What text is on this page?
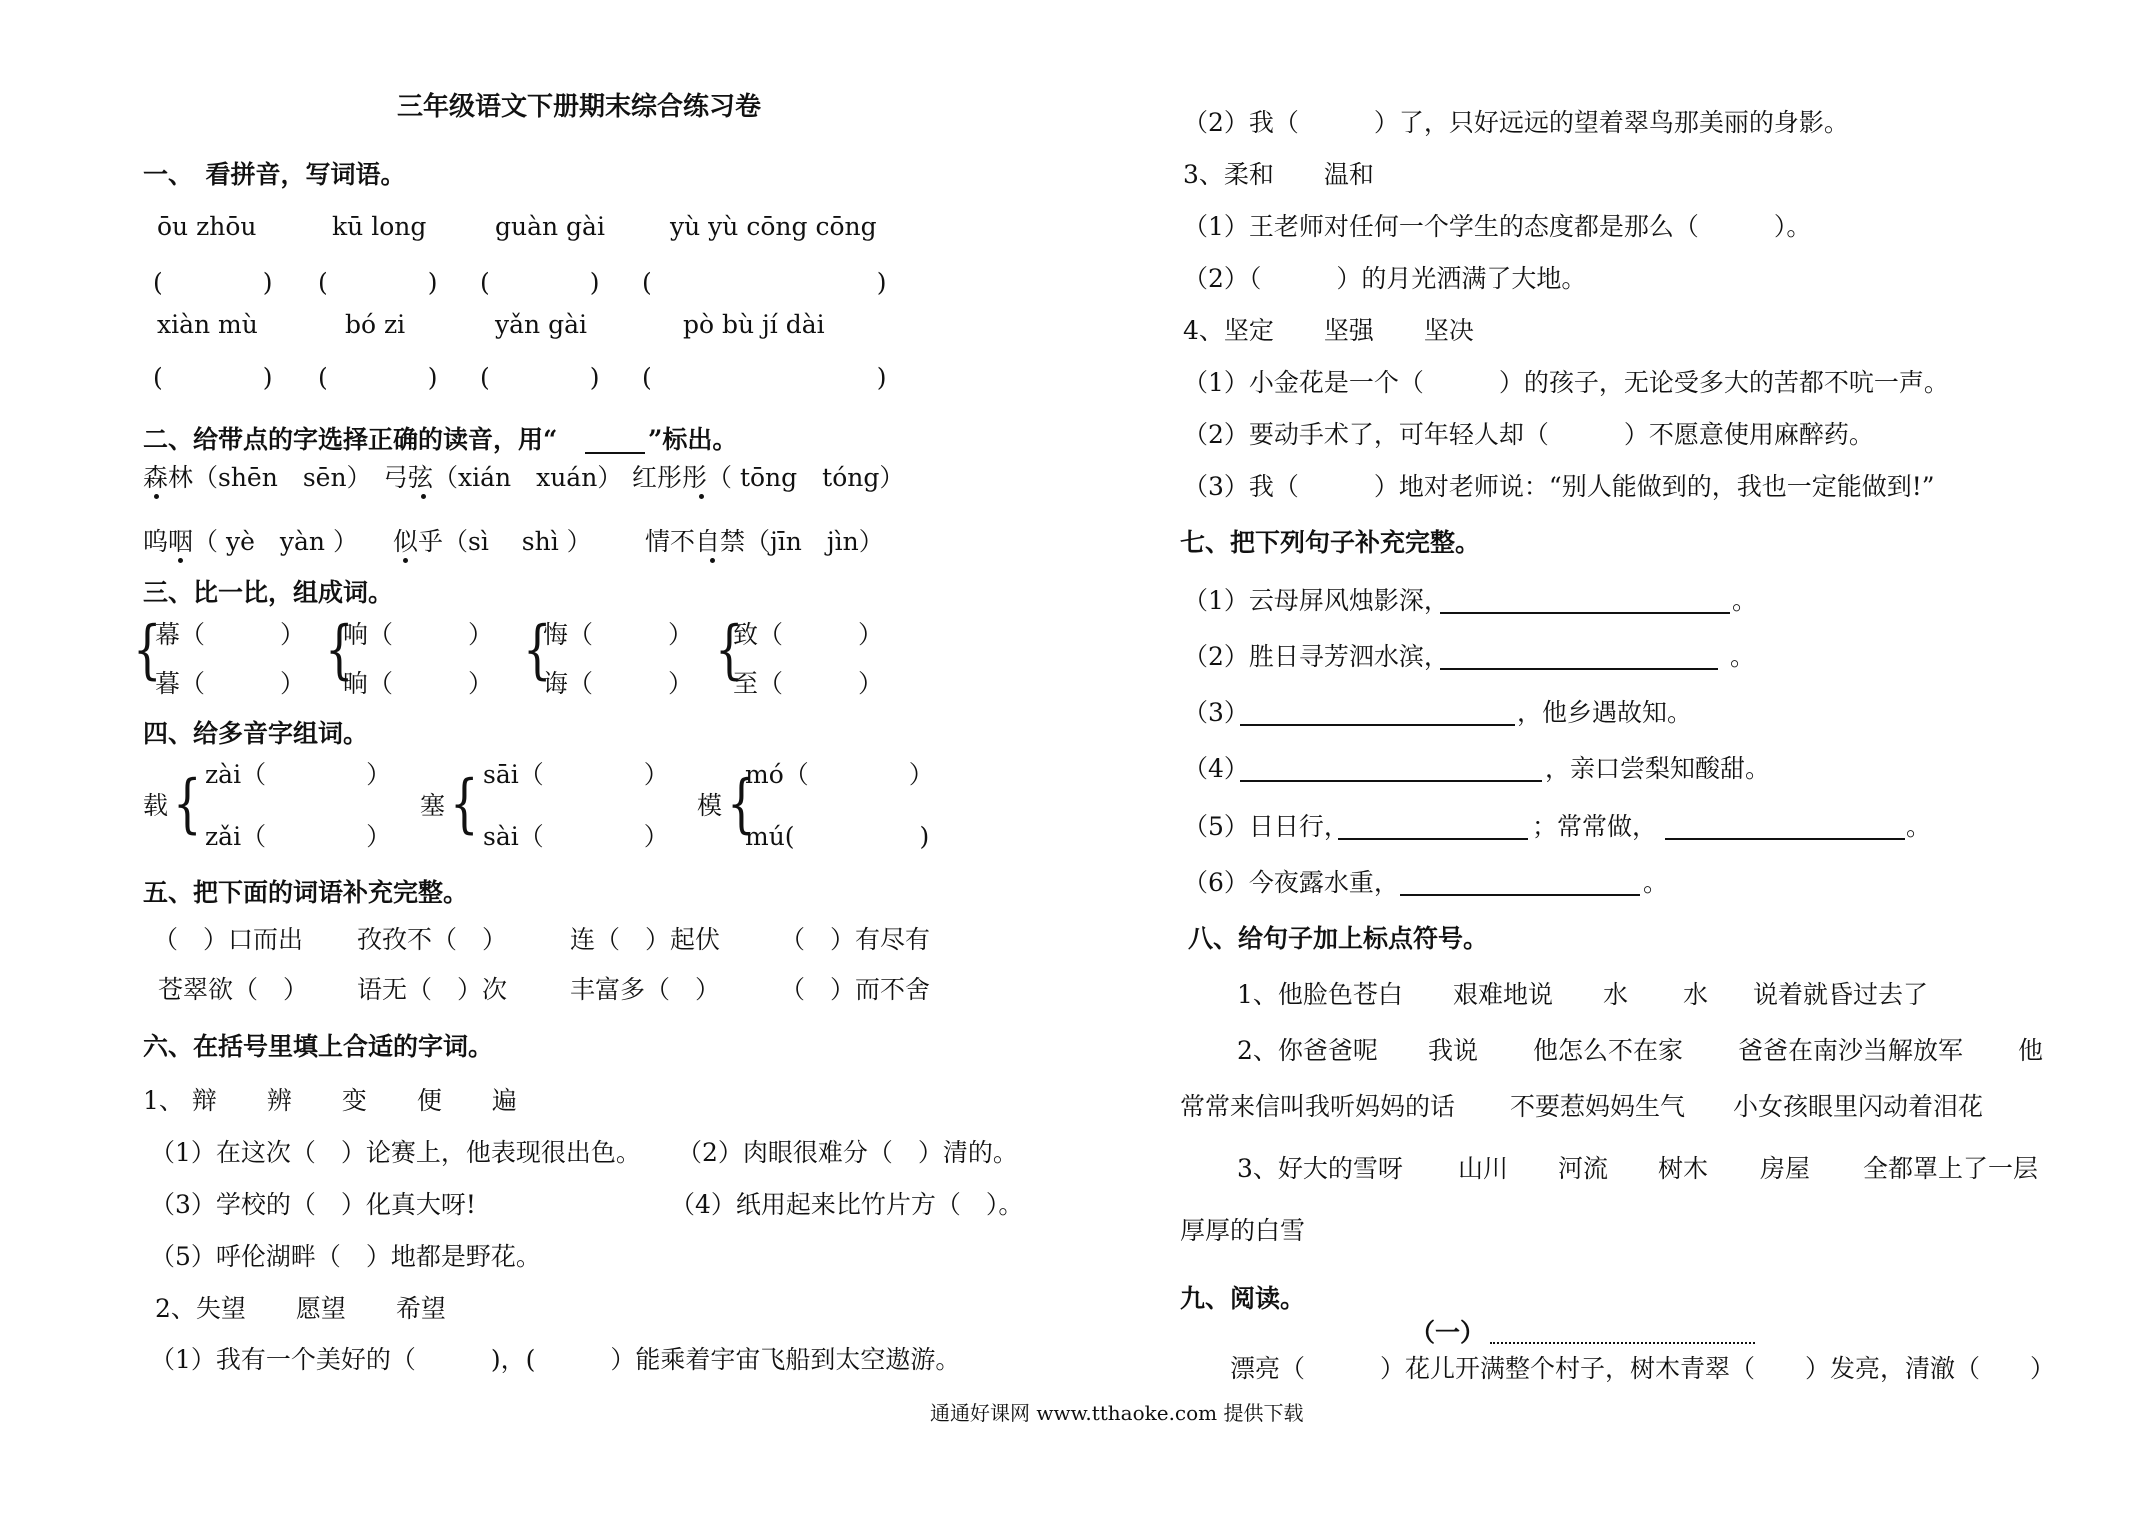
三年级语文下册期末综合练习卷
一、　看拼音，写词语。
ōu zhōu	kū long	guàn gài	yù yù cōng cōng
(　　　　) (　　　　) (　　　　) (　　　　　　　　　)
xiàn mù	bó zi	yǎn gài	pò bù jí dài
(　　　　) (　　　　) (　　　　) (　　　　　　　　　)
二、给带点的字选择正确的读音，用“	”标出。
森林（shēn　sēn） 弓弦（xián　xuán） 红彤彤（ tōng　tóng）
呜咽（ yè　yàn ） 似乎（sì　 shì ） 情不自禁（jīn　jìn）
三、比一比，组成词。
{	{	{	{
幕（　　　） 响（　　　） 悔（　　　） 致（　　　）
暮（　　　） 晌（　　　） 诲（　　　） 至（　　　）
四、给多音字组词。
载	塞	模
{	{	{
zài（　　　　）	sāi（　　　　）	mó（　　　　）
zǎi（　　　　）	sài（　　　　）	mú(　　　　　)
五、把下面的词语补充完整。
（　）口而出 孜孜不（　）	连（　）起伏 （　）有尽有
苍翠欲（　） 语无（　）次	丰富多（　） （　）而不舍
六、在括号里填上合适的字词。
1、 辩　　辨　　变　　便　　遍
（1）在这次（　）论赛上，他表现很出色。 （2）肉眼很难分（　）清的。
（3）学校的（　）化真大呀!	（4）纸用起来比竹片方（　）。
（5）呼伦湖畔（　）地都是野花。
2、失望　　愿望　　希望
（1）我有一个美好的（　　　)，(　　　）能乘着宇宙飞船到太空遨游。
（2）我（　　　）了，只好远远的望着翠鸟那美丽的身影。
3、柔和　　温和
（1）王老师对任何一个学生的态度都是那么（　　　）。
（2）（　　　）的月光洒满了大地。
4、坚定　　坚强　　坚决
（1）小金花是一个（　　　）的孩子，无论受多大的苦都不吭一声。
（2）要动手术了，可年轻人却（　　　）不愿意使用麻醉药。
（3）我（　　　）地对老师说：“别人能做到的，我也一定能做到!”
七、把下列句子补充完整。
（1）云母屏风烛影深，	。
（2）胜日寻芳泗水滨，	。
（3）	，他乡遇故知。
（4）	，亲口尝梨知酸甜。
（5）日日行，	；常常做，	。
（6）今夜露水重，	。
八、给句子加上标点符号。
1、他脸色苍白 艰难地说 水 水 说着就昏过去了
2、你爸爸呢 我说 他怎么不在家 爸爸在南沙当解放军 他
常常来信叫我听妈妈的话 不要惹妈妈生气 小女孩眼里闪动着泪花
3、好大的雪呀 山川 河流 树木 房屋 全都罩上了一层
厚厚的白雪
九、阅读。
（一）
漂亮（　　　）花儿开满整个村子，树木青翠（　　）发亮，清澈（　　）
通通好课网 www.tthaoke.com 提供下载
